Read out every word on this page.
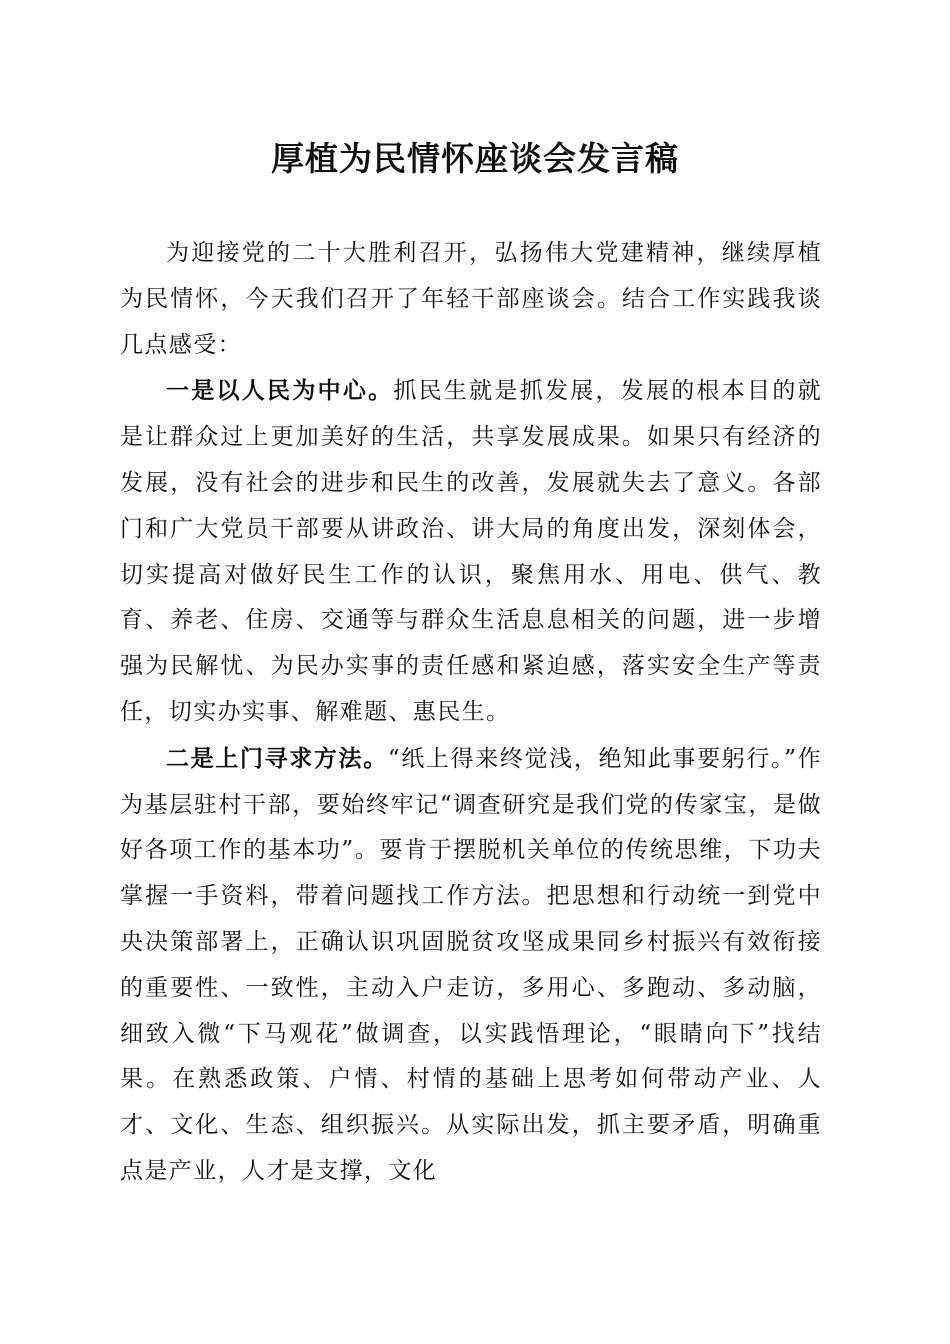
厚植为民情怀座谈会发言稿

为迎接党的二十大胜利召开，弘扬伟大党建精神，继续厚植为民情怀，今天我们召开了年轻干部座谈会。结合工作实践我谈几点感受：

一是以人民为中心。抓民生就是抓发展，发展的根本目的就是让群众过上更加美好的生活，共享发展成果。如果只有经济的发展，没有社会的进步和民生的改善，发展就失去了意义。各部门和广大党员干部要从讲政治、讲大局的角度出发，深刻体会，切实提高对做好民生工作的认识，聚焦用水、用电、供气、教育、养老、住房、交通等与群众生活息息相关的问题，进一步增强为民解忧、为民办实事的责任感和紧迫感，落实安全生产等责任，切实办实事、解难题、惠民生。

二是上门寻求方法。“纸上得来终觉浅，绝知此事要躬行。”作为基层驻村干部，要始终牢记“调查研究是我们党的传家宝，是做好各项工作的基本功”。要肯于摆脱机关单位的传统思维，下功夫掌握一手资料，带着问题找工作方法。把思想和行动统一到党中央决策部署上，正确认识巩固脱贫攻坚成果同乡村振兴有效衔接的重要性、一致性，主动入户走访，多用心、多跑动、多动脑，细致入微“下马观花”做调查，以实践悟理论，“眼睛向下”找结果。在熟悉政策、户情、村情的基础上思考如何带动产业、人才、文化、生态、组织振兴。从实际出发，抓主要矛盾，明确重点是产业，人才是支撑，文化
